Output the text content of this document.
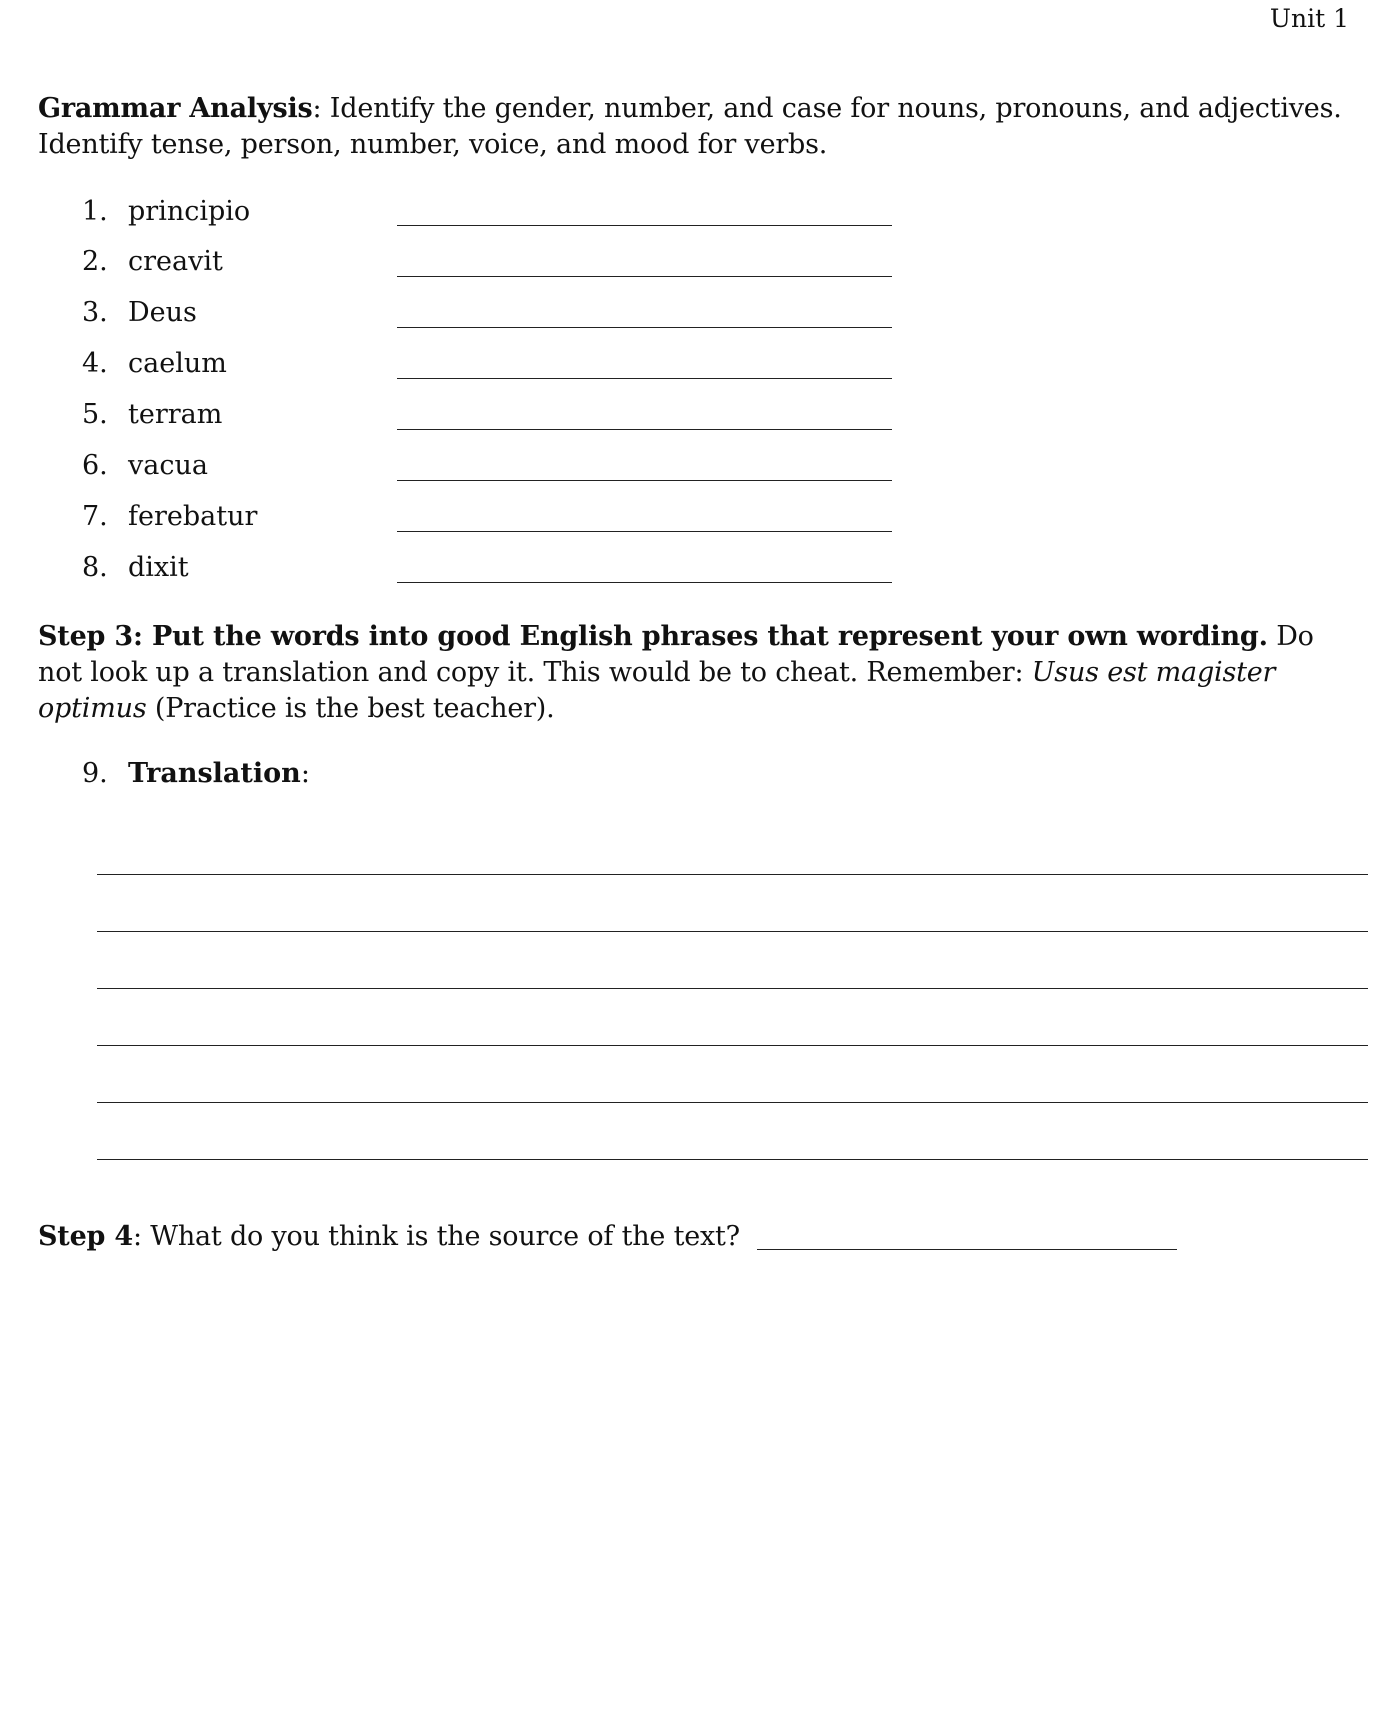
Unit 1
Grammar Analysis: Identify the gender, number, and case for nouns, pronouns, and adjectives.
Identify tense, person, number, voice, and mood for verbs.
1. principio
2. creavit
3. Deus
4. caelum
5. terram
6. vacua
7. ferebatur
8. dixit
Step 3: Put the words into good English phrases that represent your own wording. Do not look up a translation and copy it. This would be to cheat. Remember: Usus est magister optimus (Practice is the best teacher).
9. Translation:
Step 4: What do you think is the source of the text?
